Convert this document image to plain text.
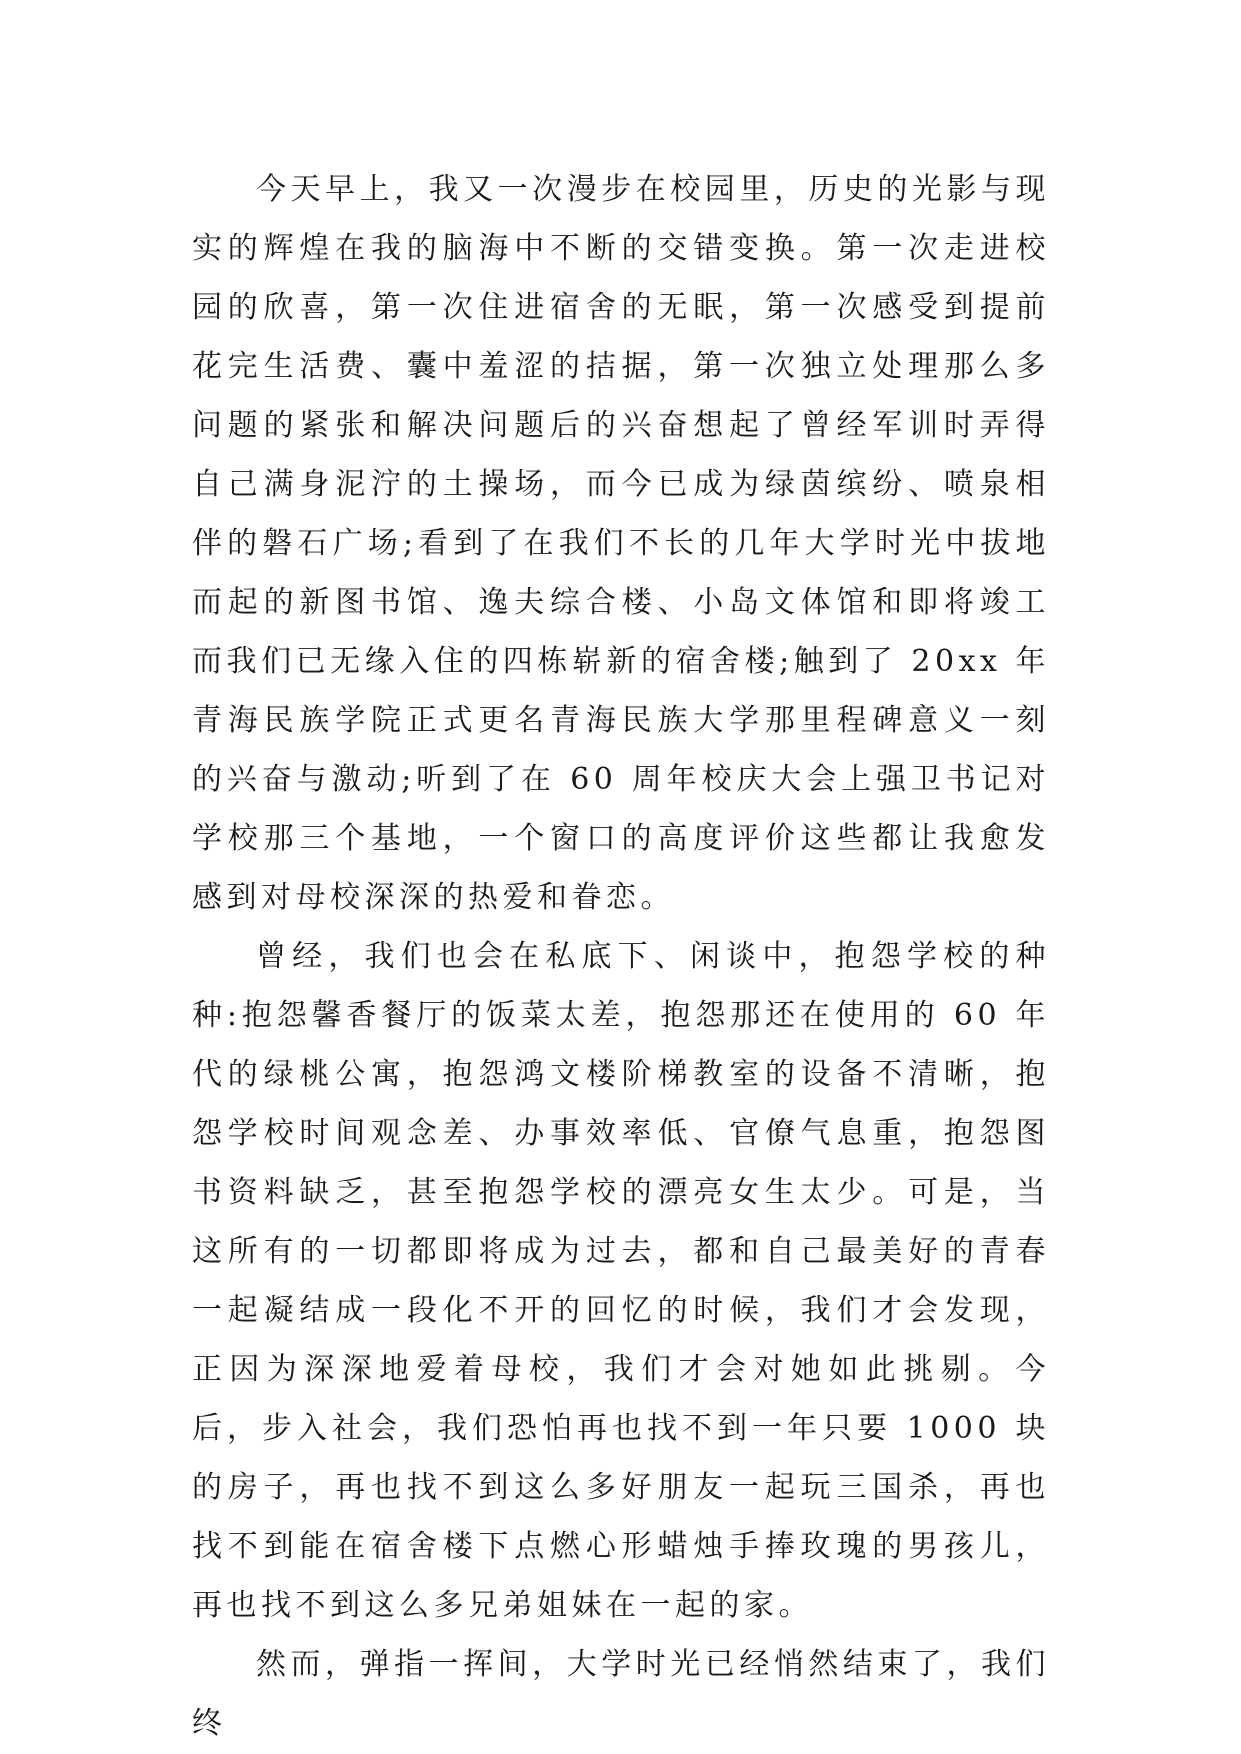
今天早上，我又一次漫步在校园里，历史的光影与现实的辉煌在我的脑海中不断的交错变换。第一次走进校园的欣喜，第一次住进宿舍的无眠，第一次感受到提前花完生活费、囊中羞涩的拮据，第一次独立处理那么多问题的紧张和解决问题后的兴奋想起了曾经军训时弄得自己满身泥泞的土操场，而今已成为绿茵缤纷、喷泉相伴的磐石广场;看到了在我们不长的几年大学时光中拔地而起的新图书馆、逸夫综合楼、小岛文体馆和即将竣工而我们已无缘入住的四栋崭新的宿舍楼;触到了 20xx 年青海民族学院正式更名青海民族大学那里程碑意义一刻的兴奋与激动;听到了在 60 周年校庆大会上强卫书记对学校那三个基地，一个窗口的高度评价这些都让我愈发感到对母校深深的热爱和眷恋。

曾经，我们也会在私底下、闲谈中，抱怨学校的种种:抱怨馨香餐厅的饭菜太差，抱怨那还在使用的 60 年代的绿桃公寓，抱怨鸿文楼阶梯教室的设备不清晰，抱怨学校时间观念差、办事效率低、官僚气息重，抱怨图书资料缺乏，甚至抱怨学校的漂亮女生太少。可是，当这所有的一切都即将成为过去，都和自己最美好的青春一起凝结成一段化不开的回忆的时候，我们才会发现，正因为深深地爱着母校，我们才会对她如此挑剔。今后，步入社会，我们恐怕再也找不到一年只要 1000 块的房子，再也找不到这么多好朋友一起玩三国杀，再也找不到能在宿舍楼下点燃心形蜡烛手捧玫瑰的男孩儿，再也找不到这么多兄弟姐妹在一起的家。

然而，弹指一挥间，大学时光已经悄然结束了，我们终
